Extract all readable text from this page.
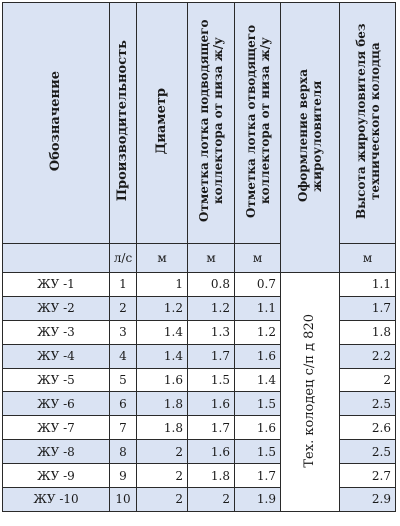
Обозначение	Производительность	Диаметр	Отметка лотка подводящего коллектора от низа ж/у	Отметка лотка отводящего коллектора от низа ж/у	Оформление верха жироуловителя	Высота жироуловителя без технического колодца
	л/с	м	м	м		м
ЖУ -1	1	1	0.8	0.7	Тех. колодец с/п д 820	1.1
ЖУ -2	2	1.2	1.2	1.1		1.7
ЖУ -3	3	1.4	1.3	1.2		1.8
ЖУ -4	4	1.4	1.7	1.6		2.2
ЖУ -5	5	1.6	1.5	1.4		2
ЖУ -6	6	1.8	1.6	1.5		2.5
ЖУ -7	7	1.8	1.7	1.6		2.6
ЖУ -8	8	2	1.6	1.5		2.5
ЖУ -9	9	2	1.8	1.7		2.7
ЖУ -10	10	2	2	1.9		2.9
